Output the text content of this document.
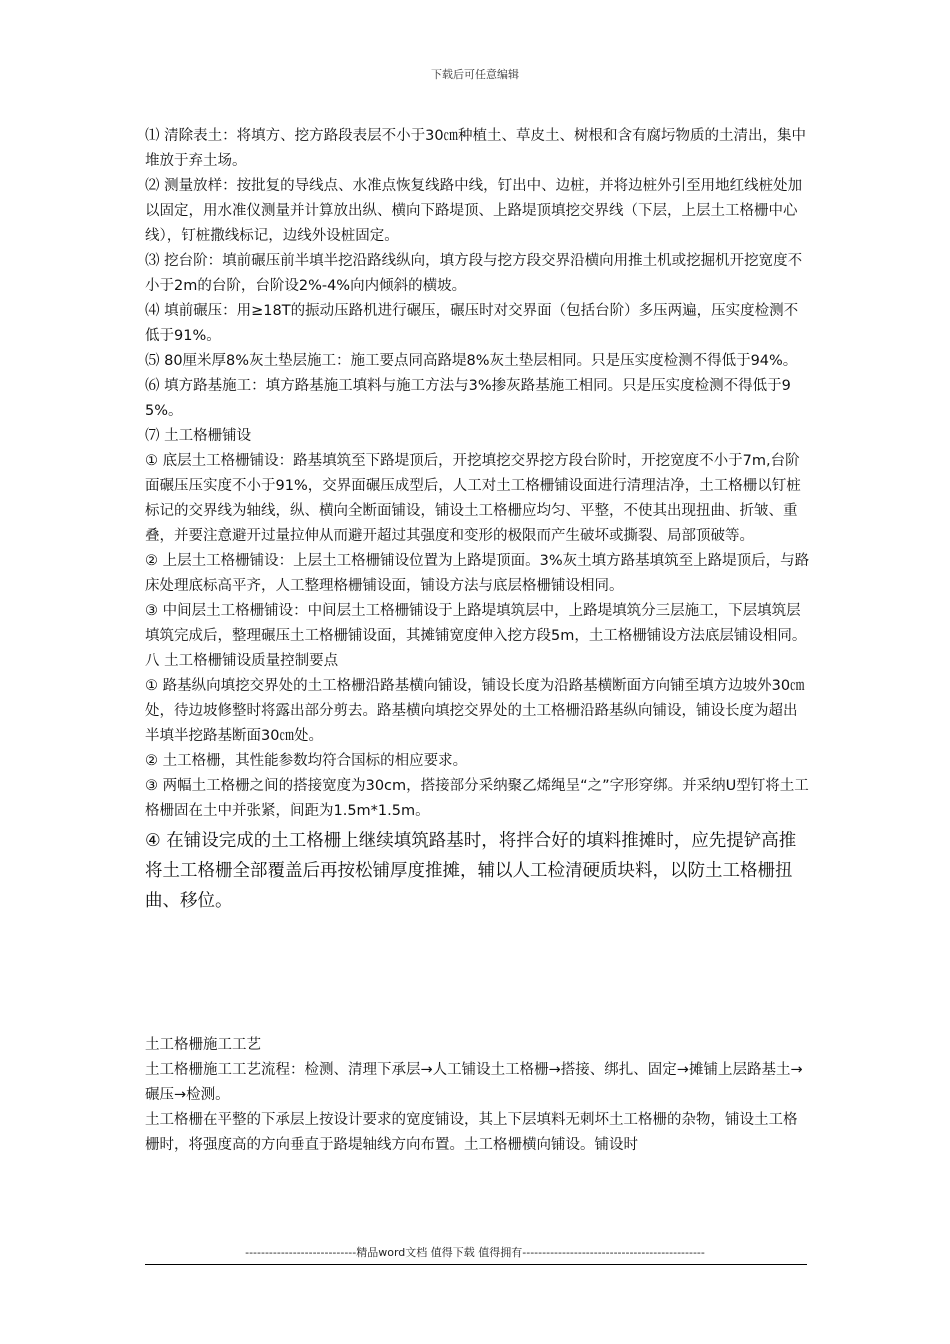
下载后可任意编辑

⑴ 清除表土：将填方、挖方路段表层不小于30㎝种植土、草皮土、树根和含有腐圬物质的土清出，集中堆放于弃土场。

⑵ 测量放样：按批复的导线点、水准点恢复线路中线，钉出中、边桩，并将边桩外引至用地红线桩处加以固定，用水准仪测量并计算放出纵、横向下路堤顶、上路堤顶填挖交界线（下层，上层土工格栅中心线），钉桩撒线标记，边线外设桩固定。

⑶ 挖台阶：填前碾压前半填半挖沿路线纵向，填方段与挖方段交界沿横向用推土机或挖掘机开挖宽度不小于2m的台阶，台阶设2%-4%向内倾斜的横坡。

⑷ 填前碾压：用≥18T的振动压路机进行碾压，碾压时对交界面（包括台阶）多压两遍，压实度检测不低于91%。

⑸ 80厘米厚8%灰土垫层施工：施工要点同高路堤8%灰土垫层相同。只是压实度检测不得低于94%。

⑹ 填方路基施工：填方路基施工填料与施工方法与3%掺灰路基施工相同。只是压实度检测不得低于95%。

⑺ 土工格栅铺设

① 底层土工格栅铺设：路基填筑至下路堤顶后，开挖填挖交界挖方段台阶时，开挖宽度不小于7m,台阶面碾压压实度不小于91%，交界面碾压成型后，人工对土工格栅铺设面进行清理洁净，土工格栅以钉桩标记的交界线为轴线，纵、横向全断面铺设，铺设土工格栅应均匀、平整，不使其出现扭曲、折皱、重叠，并要注意避开过量拉伸从而避开超过其强度和变形的极限而产生破坏或撕裂、局部顶破等。

② 上层土工格栅铺设：上层土工格栅铺设位置为上路堤顶面。3%灰土填方路基填筑至上路堤顶后，与路床处理底标高平齐，人工整理格栅铺设面，铺设方法与底层格栅铺设相同。

③ 中间层土工格栅铺设：中间层土工格栅铺设于上路堤填筑层中，上路堤填筑分三层施工，下层填筑层填筑完成后，整理碾压土工格栅铺设面，其摊铺宽度伸入挖方段5m，土工格栅铺设方法底层铺设相同。

八 土工格栅铺设质量控制要点

① 路基纵向填挖交界处的土工格栅沿路基横向铺设，铺设长度为沿路基横断面方向铺至填方边坡外30㎝处，待边坡修整时将露出部分剪去。路基横向填挖交界处的土工格栅沿路基纵向铺设，铺设长度为超出半填半挖路基断面30㎝处。

② 土工格栅，其性能参数均符合国标的相应要求。

③ 两幅土工格栅之间的搭接宽度为30cm，搭接部分采纳聚乙烯绳呈“之”字形穿绑。并采纳U型钉将土工格栅固在土中并张紧，间距为1.5m*1.5m。

④ 在铺设完成的土工格栅上继续填筑路基时，将拌合好的填料推摊时，应先提铲高推将土工格栅全部覆盖后再按松铺厚度推摊，辅以人工检清硬质块料，以防土工格栅扭曲、移位。

土工格栅施工工艺

土工格栅施工工艺流程：检测、清理下承层→人工铺设土工格栅→搭接、绑扎、固定→摊铺上层路基土→碾压→检测。

土工格栅在平整的下承层上按设计要求的宽度铺设，其上下层填料无刺坏土工格栅的杂物，铺设土工格栅时，将强度高的方向垂直于路堤轴线方向布置。土工格栅横向铺设。铺设时

----------------------------精品word文档 值得下载 值得拥有----------------------------------------------
